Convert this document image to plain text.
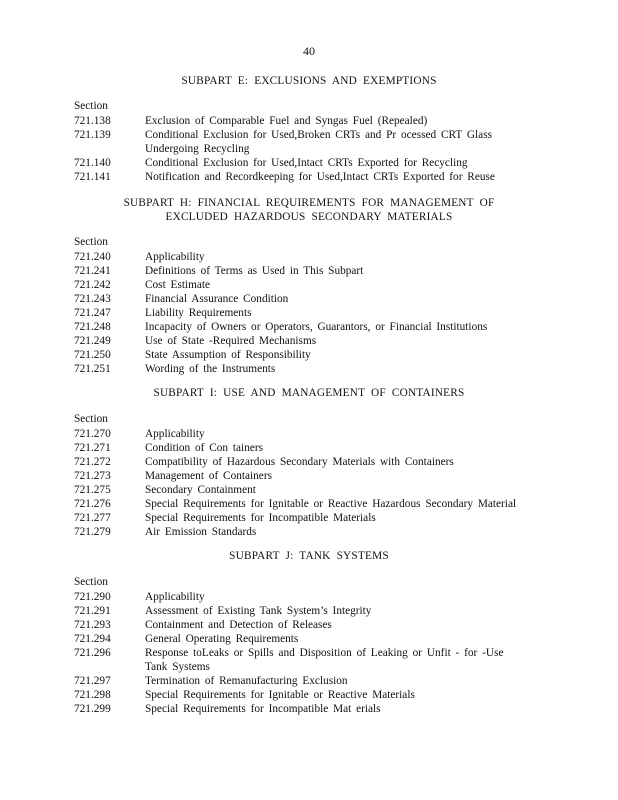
40
SUBPART E: EXCLUSIONS AND EXEMPTIONS
Section
721.138	Exclusion of Comparable Fuel and Syngas Fuel (Repealed)
721.139	Conditional Exclusion for Used,Broken CRTs and Pr ocessed CRT Glass Undergoing Recycling
721.140	Conditional Exclusion for Used,Intact CRTs Exported for Recycling
721.141	Notification and Recordkeeping for Used,Intact CRTs Exported for Reuse
SUBPART H: FINANCIAL REQUIREMENTS FOR MANAGEMENT OF
EXCLUDED HAZARDOUS SECONDARY MATERIALS
Section
721.240	Applicability
721.241	Definitions of Terms as Used in This Subpart
721.242	Cost Estimate
721.243	Financial Assurance Condition
721.247	Liability Requirements
721.248	Incapacity of Owners or Operators, Guarantors, or Financial Institutions
721.249	Use of State -Required Mechanisms
721.250	State Assumption of Responsibility
721.251	Wording of the Instruments
SUBPART I: USE AND MANAGEMENT OF CONTAINERS
Section
721.270	Applicability
721.271	Condition of Con tainers
721.272	Compatibility of Hazardous Secondary Materials with Containers
721.273	Management of Containers
721.275	Secondary Containment
721.276	Special Requirements for Ignitable or Reactive Hazardous Secondary Material
721.277	Special Requirements for Incompatible Materials
721.279	Air Emission Standards
SUBPART J: TANK SYSTEMS
Section
721.290	Applicability
721.291	Assessment of Existing Tank System’s Integrity
721.293	Containment and Detection of Releases
721.294	General Operating Requirements
721.296	Response toLeaks or Spills and Disposition of Leaking or Unfit - for -Use Tank Systems
721.297	Termination of Remanufacturing Exclusion
721.298	Special Requirements for Ignitable or Reactive Materials
721.299	Special Requirements for Incompatible Mat erials
